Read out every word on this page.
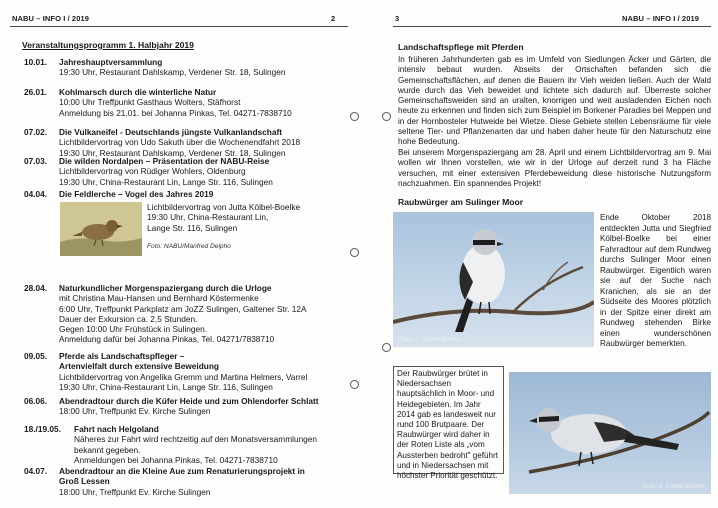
NABU – INFO I / 2019	2
Veranstaltungsprogramm 1. Halbjahr 2019
10.01. Jahreshauptversammlung
19:30 Uhr, Restaurant Dahlskamp, Verdener Str. 18, Sulingen
26.01. Kohlmarsch durch die winterliche Natur
10:00 Uhr Treffpunkt Gasthaus Wolters, Stäfhorst
Anmeldung bis 21.01. bei Johanna Pinkas, Tel. 04271-7838710
07.02. Die Vulkaneifel - Deutschlands jüngste Vulkanlandschaft
Lichtbildervortrag von Udo Sakuth über die Wochenendfahrt 2018
19:30 Uhr, Restaurant Dahlskamp, Verdener Str. 18, Sulingen
07.03. Die wilden Nordalpen – Präsentation der NABU-Reise
Lichtbildervortrag von Rüdiger Wohlers, Oldenburg
19:30 Uhr, China-Restaurant Lin, Lange Str. 116, Sulingen
04.04. Die Feldlerche – Vogel des Jahres 2019
28.04. Naturkundlicher Morgenspaziergang durch die Urloge
mit Christina Mau-Hansen und Bernhard Köstermenke
6:00 Uhr, Treffpunkt Parkplatz am JoZZ Sulingen, Galtener Str. 12A
Dauer der Exkursion ca. 2,5 Stunden.
Gegen 10:00 Uhr Frühstück in Sulingen.
Anmeldung dafür bei Johanna Pinkas, Tel. 04271/7838710
09.05. Pferde als Landschaftspfleger –
Artenvielfalt durch extensive Beweidung
Lichtbildervortrag von Angelika Gremm und Martina Helmers, Varrel
19:30 Uhr, China-Restaurant Lin, Lange Str. 116, Sulingen
06.06. Abendradtour durch die Küfer Heide und zum Ohlendorfer Schlatt
18:00 Uhr, Treffpunkt Ev. Kirche Sulingen
18./19.05. Fahrt nach Helgoland
Näheres zur Fahrt wird rechtzeitig auf den Monatsversammlungen
bekannt gegeben.
Anmeldungen bei Johanna Pinkas, Tel. 04271-7838710
04.07. Abendradtour an die Kleine Aue zum Renaturierungsprojekt in
Groß Lessen
18:00 Uhr, Treffpunkt Ev. Kirche Sulingen
Lichtbildervortrag von Jutta Kölbel-Boelke
19:30 Uhr, China-Restaurant Lin,
Lange Str. 116, Sulingen
Foto: NABU/Manfred Delpho
3	NABU – INFO I / 2019
Landschaftspflege mit Pferden
In früheren Jahrhunderten gab es im Umfeld von Siedlungen Äcker und Gärten, die intensiv bebaut wurden. Abseits der Ortschaften befanden sich die Gemeinschaftsflächen, auf denen die Bauern ihr Vieh weiden ließen. Auch der Wald wurde durch das Vieh beweidet und lichtete sich dadurch auf. Überreste solcher Gemeinschaftsweiden sind an uralten, knorrigen und weit ausladenden Eichen noch heute zu erkennen und finden sich zum Beispiel im Borkener Paradies bei Meppen und in der Hornbosteler Hutweide bei Wietze. Diese Gebiete stellen Lebensräume für viele seltene Tier- und Pflanzenarten dar und haben daher heute für den Naturschutz eine hohe Bedeutung.
Bei unserem Morgenspaziergang am 28. April und einem Lichtbildervortrag am 9. Mai wollen wir Ihnen vorstellen, wie wir in der Urloge auf derzeit rund 3 ha Fläche versuchen, mit einer extensiven Pferdebeweidung diese historische Nutzungsform nachzuahmen. Ein spannendes Projekt!
Raubwürger am Sulinger Moor
Foto: J. Kölbel-Boelke
Ende Oktober 2018 entdeckten Jutta und Siegfried Kölbel-Boelke bei einer Fahrradtour auf dem Rundweg durchs Sulinger Moor einen Raubwürger. Eigentlich waren sie auf der Suche nach Kranichen, als sie an der Südseite des Moores plötzlich in der Spitze einer direkt am Rundweg stehenden Birke einen wunderschönen Raubwürger bemerkten.
Der Raubwürger brütet in Niedersachsen hauptsächlich in Moor- und Heidegebieten. Im Jahr 2014 gab es landesweit nur rund 100 Brutpaare. Der Raubwürger wird daher in der Roten Liste als „vom Aussterben bedroht" geführt und in Niedersachsen mit höchster Priorität geschützt.
Foto: J. Kölbel-Boelke
